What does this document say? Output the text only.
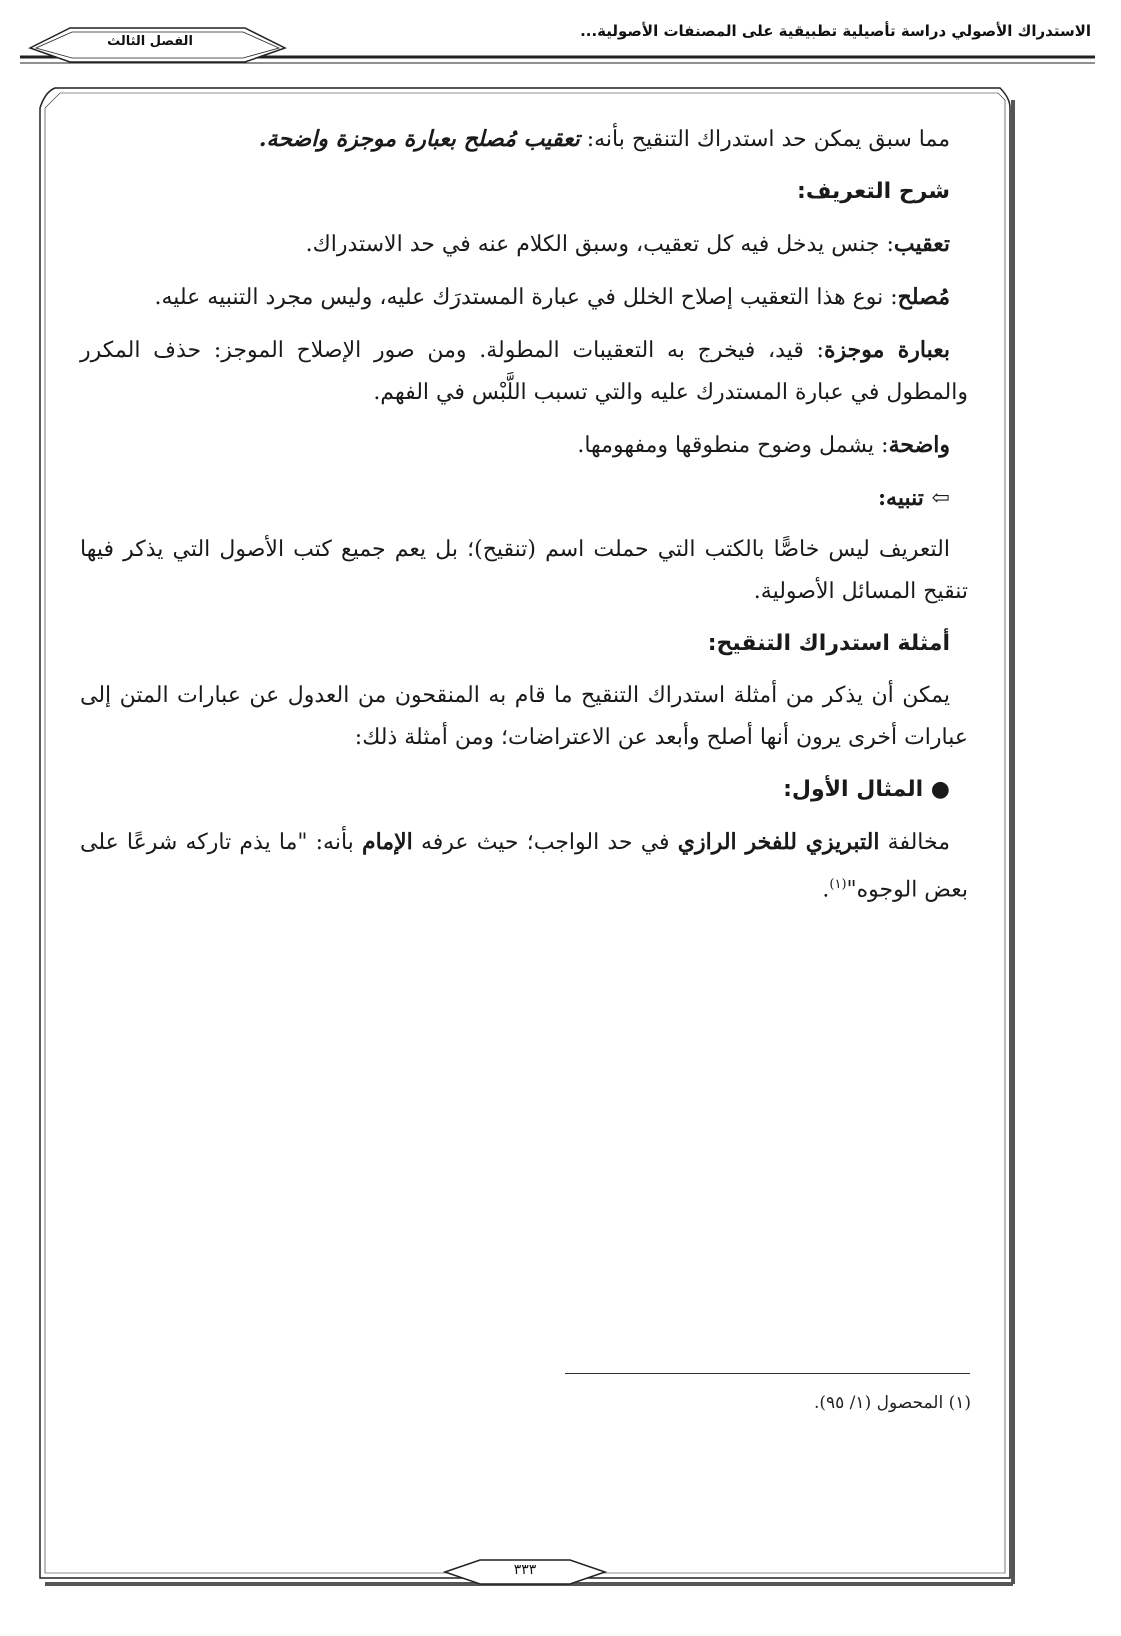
الاستدراك الأصولي دراسة تأصيلية تطبيقية على المصنفات الأصولية...
الفصل الثالث

مما سبق يمكن حد استدراك التنقيح بأنه: تعقيب مُصلح بعبارة موجزة واضحة.

شرح التعريف:

تعقيب: جنس يدخل فيه كل تعقيب، وسبق الكلام عنه في حد الاستدراك.

مُصلح: نوع هذا التعقيب إصلاح الخلل في عبارة المستدرَك عليه، وليس مجرد التنبيه عليه.

بعبارة موجزة: قيد، فيخرج به التعقيبات المطولة. ومن صور الإصلاح الموجز: حذف المكرر والمطول في عبارة المستدرك عليه والتي تسبب اللَّبْس في الفهم.

واضحة: يشمل وضوح منطوقها ومفهومها.

⇦ تنبيه:

التعريف ليس خاصًّا بالكتب التي حملت اسم (تنقيح)؛ بل يعم جميع كتب الأصول التي يذكر فيها تنقيح المسائل الأصولية.

أمثلة استدراك التنقيح:

يمكن أن يذكر من أمثلة استدراك التنقيح ما قام به المنقحون من العدول عن عبارات المتن إلى عبارات أخرى يرون أنها أصلح وأبعد عن الاعتراضات؛ ومن أمثلة ذلك:

● المثال الأول:

مخالفة التبريزي للفخر الرازي في حد الواجب؛ حيث عرفه الإمام بأنه: "ما يذم تاركه شرعًا على بعض الوجوه"$^{(١)}$.

(١) المحصول (١/ ٩٥).
٣٣٣
